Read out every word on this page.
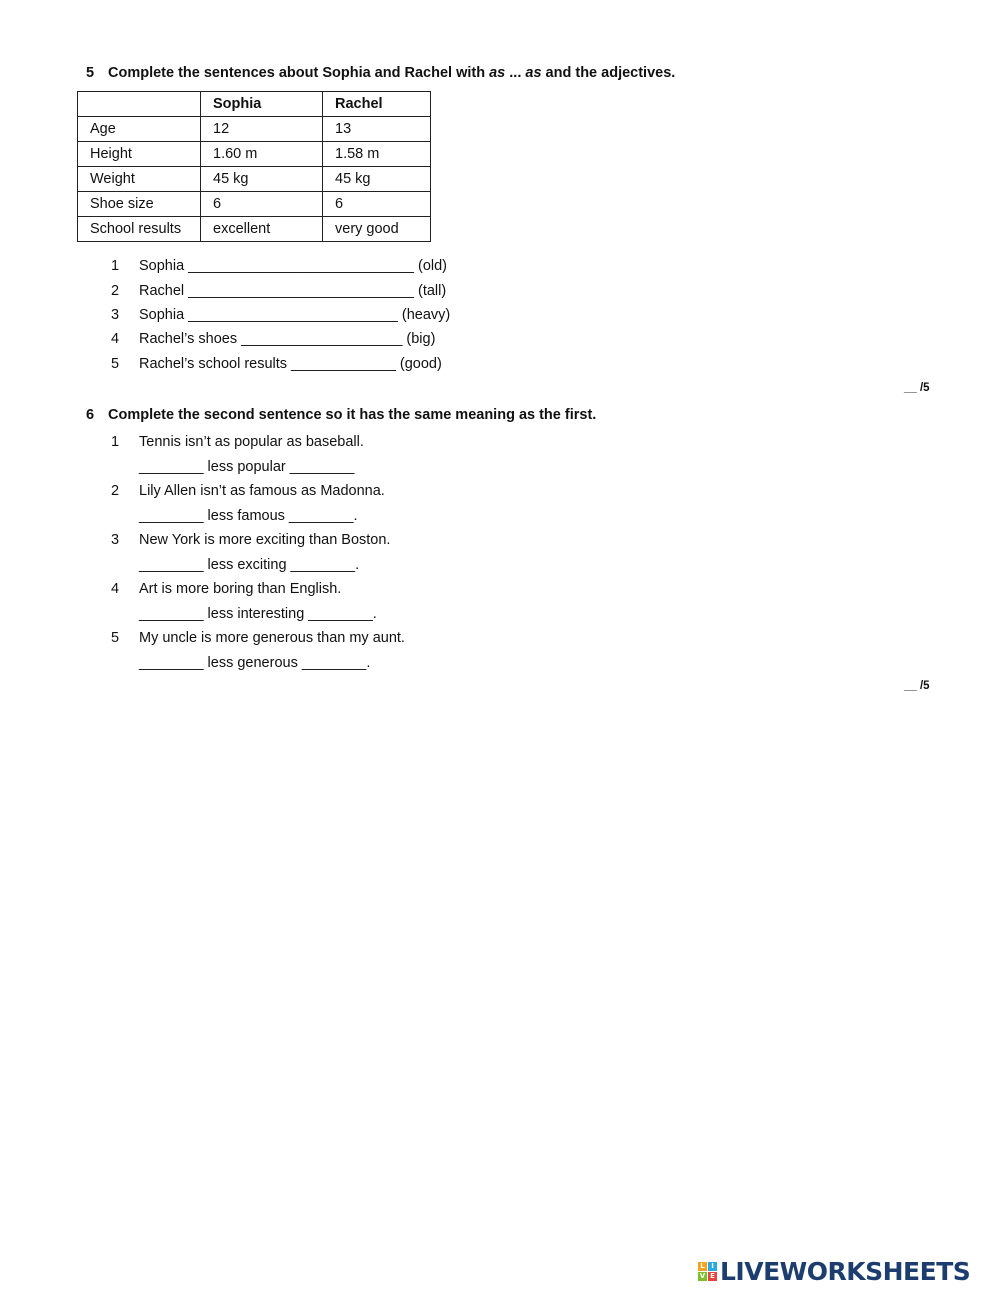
5 Complete the sentences about Sophia and Rachel with as ... as and the adjectives.
	Sophia	Rachel
Age	12	13
Height	1.60 m	1.58 m
Weight	45 kg	45 kg
Shoe size	6	6
School results	excellent	very good
1 Sophia ____________________________ (old)
2 Rachel ____________________________ (tall)
3 Sophia __________________________ (heavy)
4 Rachel’s shoes ____________________ (big)
5 Rachel’s school results _____________ (good)
__ /5
6 Complete the second sentence so it has the same meaning as the first.
1 Tennis isn’t as popular as baseball.
________ less popular ________
2 Lily Allen isn’t as famous as Madonna.
________ less famous ________.
3 New York is more exciting than Boston.
________ less exciting ________.
4 Art is more boring than English.
________ less interesting ________.
5 My uncle is more generous than my aunt.
________ less generous ________.
__ /5
L I
V E LIVEWORKSHEETS
